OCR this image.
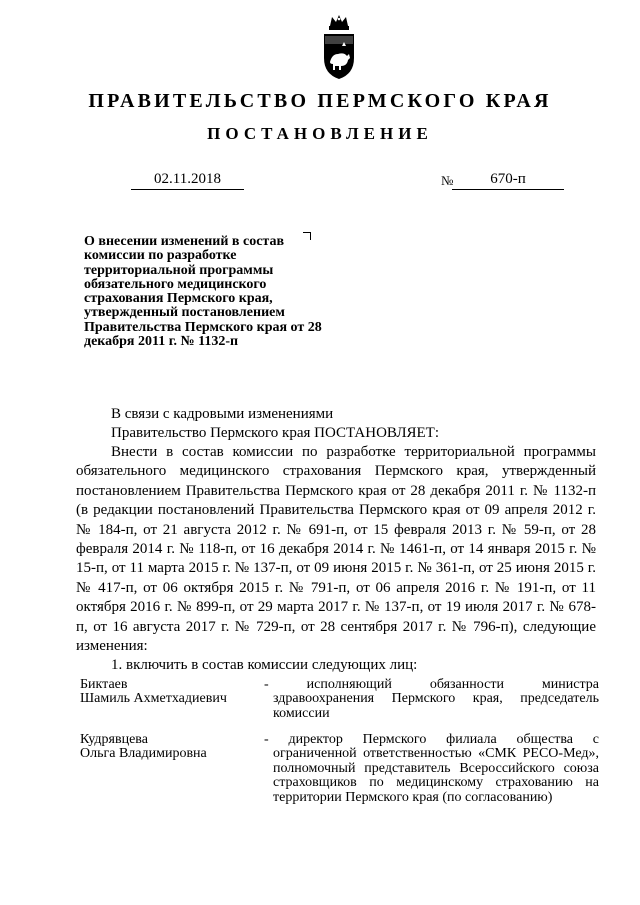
ПРАВИТЕЛЬСТВО ПЕРМСКОГО КРАЯ
ПОСТАНОВЛЕНИЕ
02.11.2018	№	670-п
О внесении изменений в состав комиссии по разработке территориальной программы обязательного медицинского страхования Пермского края, утвержденный постановлением Правительства Пермского края от 28 декабря 2011 г. № 1132-п
В связи с кадровыми изменениями
Правительство Пермского края ПОСТАНОВЛЯЕТ:
Внести в состав комиссии по разработке территориальной программы обязательного медицинского страхования Пермского края, утвержденный постановлением Правительства Пермского края от 28 декабря 2011 г. № 1132-п (в редакции постановлений Правительства Пермского края от 09 апреля 2012 г. № 184-п, от 21 августа 2012 г. № 691-п, от 15 февраля 2013 г. № 59-п, от 28 февраля 2014 г. № 118-п, от 16 декабря 2014 г. № 1461-п, от 14 января 2015 г. № 15-п, от 11 марта 2015 г. № 137-п, от 09 июня 2015 г. № 361-п, от 25 июня 2015 г. № 417-п, от 06 октября 2015 г. № 791-п, от 06 апреля 2016 г. № 191-п, от 11 октября 2016 г. № 899-п, от 29 марта 2017 г. № 137-п, от 19 июля 2017 г. № 678-п, от 16 августа 2017 г. № 729-п, от 28 сентября 2017 г. № 796-п), следующие изменения:
1. включить в состав комиссии следующих лиц:
Биктаев
Шамиль Ахметхадиевич
- исполняющий обязанности министра здравоохранения Пермского края, председатель комиссии
Кудрявцева
Ольга Владимировна
- директор Пермского филиала общества с ограниченной ответственностью «СМК РЕСО-Мед», полномочный представитель Всероссийского союза страховщиков по медицинскому страхованию на территории Пермского края (по согласованию)
